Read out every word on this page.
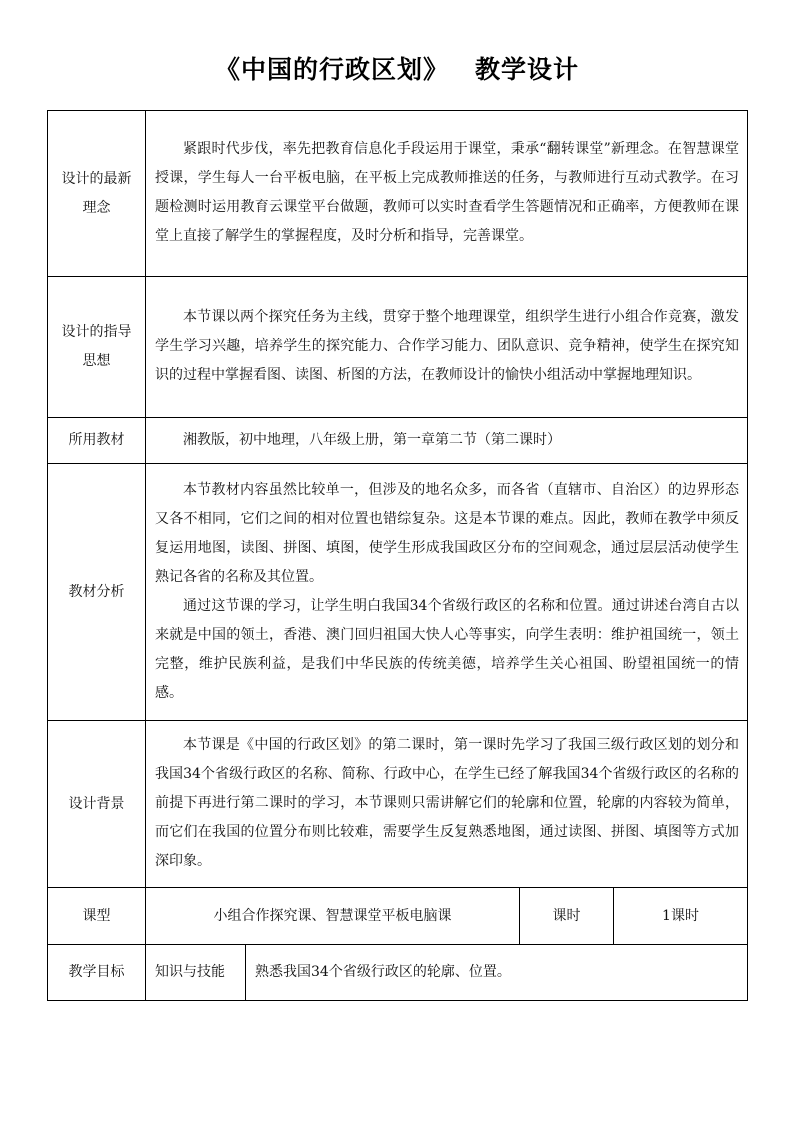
《中国的行政区划》 教学设计
设计的最新理念	紧跟时代步伐，率先把教育信息化手段运用于课堂，秉承“翻转课堂”新理念。在智慧课堂授课，学生每人一台平板电脑，在平板上完成教师推送的任务，与教师进行互动式教学。在习题检测时运用教育云课堂平台做题，教师可以实时查看学生答题情况和正确率，方便教师在课堂上直接了解学生的掌握程度，及时分析和指导，完善课堂。			

设计的指导思想	本节课以两个探究任务为主线，贯穿于整个地理课堂，组织学生进行小组合作竞赛，激发学生学习兴趣，培养学生的探究能力、合作学习能力、团队意识、竞争精神，使学生在探究知识的过程中掌握看图、读图、析图的方法，在教师设计的愉快小组活动中掌握地理知识。			

所用教材	湘教版，初中地理，八年级上册，第一章第二节（第二课时）			

教材分析	本节教材内容虽然比较单一，但涉及的地名众多，而各省（直辖市、自治区）的边界形态又各不相同，它们之间的相对位置也错综复杂。这是本节课的难点。因此，教师在教学中须反复运用地图，读图、拼图、填图，使学生形成我国政区分布的空间观念，通过层层活动使学生熟记各省的名称及其位置。

通过这节课的学习，让学生明白我国34个省级行政区的名称和位置。通过讲述台湾自古以来就是中国的领土，香港、澳门回归祖国大快人心等事实，向学生表明：维护祖国统一，领土完整，维护民族利益，是我们中华民族的传统美德，培养学生关心祖国、盼望祖国统一的情感。			

设计背景	本节课是《中国的行政区划》的第二课时，第一课时先学习了我国三级行政区划的划分和我国34个省级行政区的名称、简称、行政中心，在学生已经了解我国34个省级行政区的名称的前提下再进行第二课时的学习，本节课则只需讲解它们的轮廓和位置，轮廓的内容较为简单，而它们在我国的位置分布则比较难，需要学生反复熟悉地图，通过读图、拼图、填图等方式加深印象。			

课型	小组合作探究课、智慧课堂平板电脑课		课时	1课时
教学目标	知识与技能	熟悉我国34个省级行政区的轮廓、位置。		
